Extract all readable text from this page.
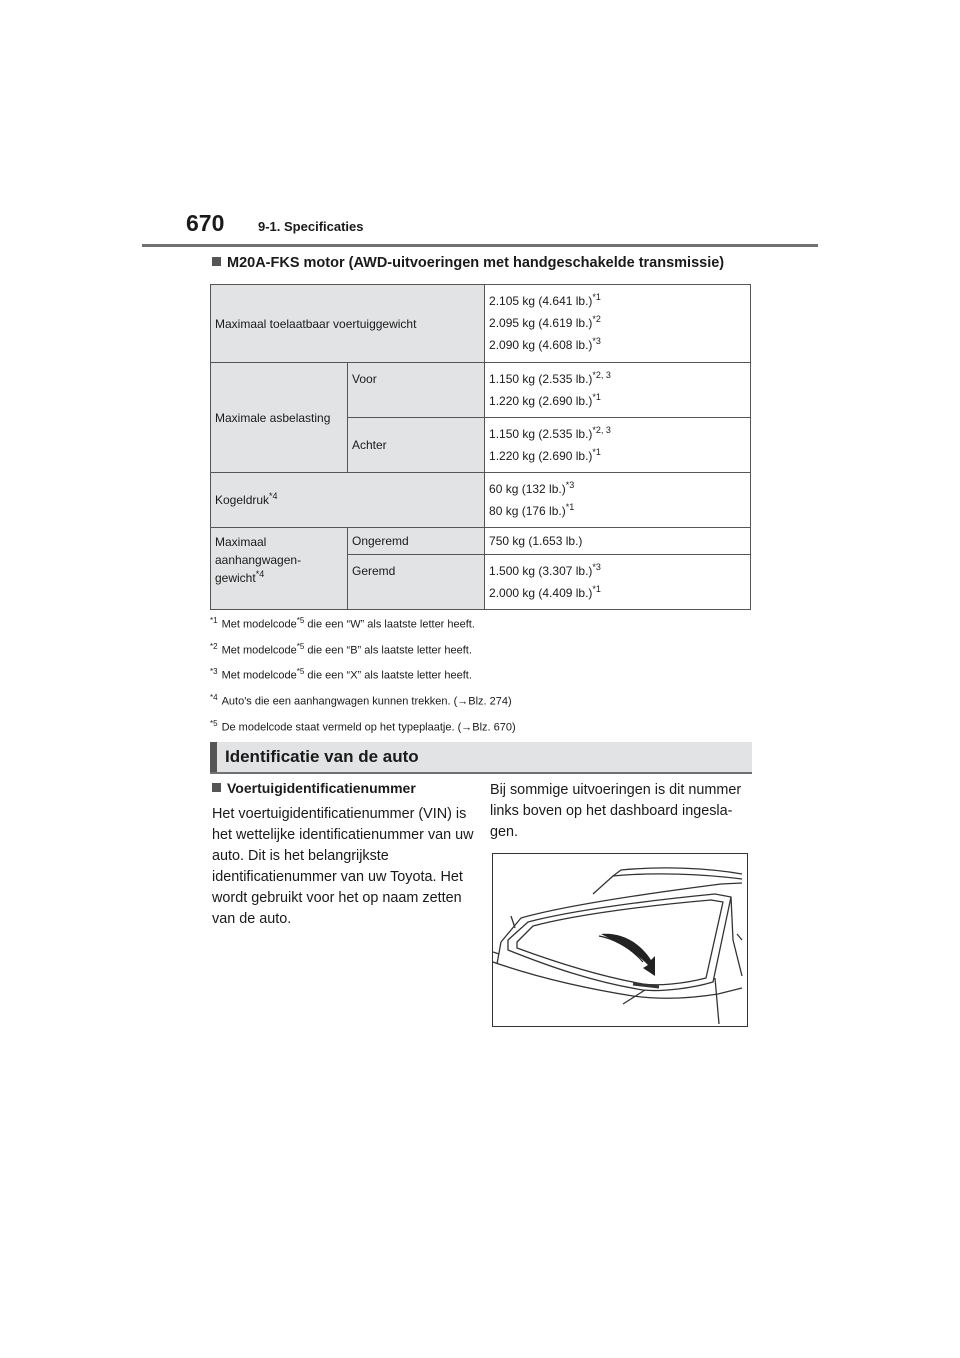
670	9-1. Specificaties
M20A-FKS motor (AWD-uitvoeringen met handgeschakelde transmissie)
Maximaal toelaatbaar voertuiggewicht		2.105 kg (4.641 lb.)$^{*1}$
2.095 kg (4.619 lb.)$^{*2}$
2.090 kg (4.608 lb.)$^{*3}$

Maximale asbelasting	Voor	1.150 kg (2.535 lb.)$^{*2, 3}$
1.220 kg (2.690 lb.)$^{*1}$

	Achter	1.150 kg (2.535 lb.)$^{*2, 3}$
1.220 kg (2.690 lb.)$^{*1}$

Kogeldruk$^{*4}$		60 kg (132 lb.)$^{*3}$
80 kg (176 lb.)$^{*1}$

Maximaal
aanhangwagen-
gewicht$^{*4}$	Ongeremd	750 kg (1.653 lb.)
	Geremd	1.500 kg (3.307 lb.)$^{*3}$
2.000 kg (4.409 lb.)$^{*1}$
$^{*1}$ Met modelcode$^{*5}$ die een “W” als laatste letter heeft.
$^{*2}$ Met modelcode$^{*5}$ die een “B” als laatste letter heeft.
$^{*3}$ Met modelcode$^{*5}$ die een “X” als laatste letter heeft.
$^{*4}$ Auto's die een aanhangwagen kunnen trekken. (→Blz. 274)
$^{*5}$ De modelcode staat vermeld op het typeplaatje. (→Blz. 670)
Identificatie van de auto
Voertuigidentificatienummer
Het voertuigidentificatienummer (VIN) is het wettelijke identificatienummer van uw auto. Dit is het belangrijkste identificatienummer van uw Toyota. Het wordt gebruikt voor het op naam zetten van de auto.
Bij sommige uitvoeringen is dit nummer links boven op het dashboard ingesla-gen.
